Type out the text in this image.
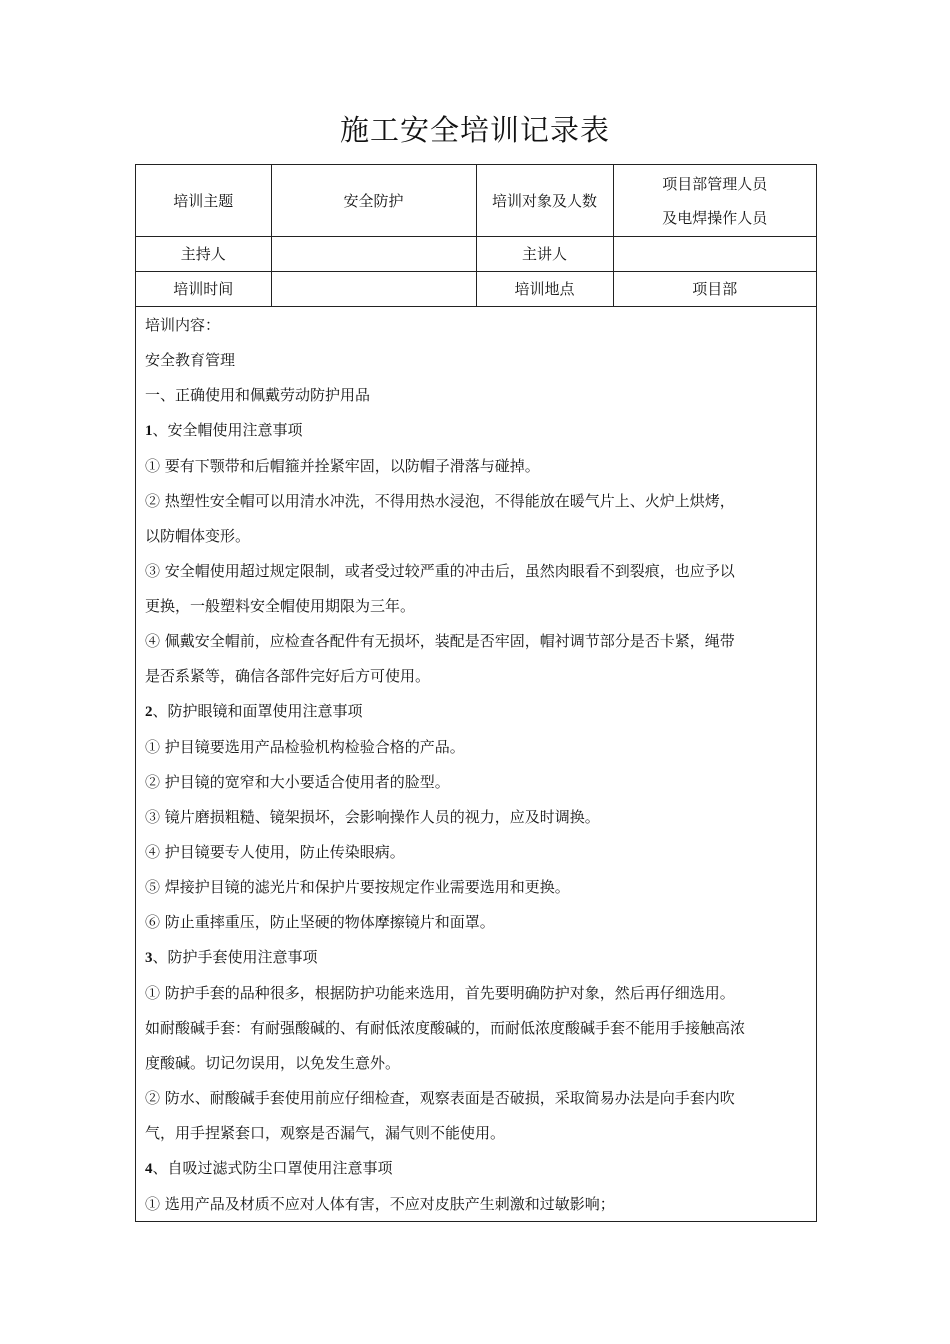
施工安全培训记录表
培训主题	安全防护	培训对象及人数	项目部管理人员
及电焊操作人员

主持人		主讲人	
培训时间		培训地点	项目部

培训内容：

安全教育管理

一、正确使用和佩戴劳动防护用品

1、安全帽使用注意事项

① 要有下颚带和后帽箍并拴紧牢固，以防帽子滑落与碰掉。

② 热塑性安全帽可以用清水冲洗，不得用热水浸泡，不得能放在暖气片上、火炉上烘烤，

以防帽体变形。

③ 安全帽使用超过规定限制，或者受过较严重的冲击后，虽然肉眼看不到裂痕，也应予以

更换，一般塑料安全帽使用期限为三年。

④ 佩戴安全帽前，应检查各配件有无损坏，装配是否牢固，帽衬调节部分是否卡紧，绳带

是否系紧等，确信各部件完好后方可使用。

2、防护眼镜和面罩使用注意事项

① 护目镜要选用产品检验机构检验合格的产品。

② 护目镜的宽窄和大小要适合使用者的脸型。

③ 镜片磨损粗糙、镜架损坏，会影响操作人员的视力，应及时调换。

④ 护目镜要专人使用，防止传染眼病。

⑤ 焊接护目镜的滤光片和保护片要按规定作业需要选用和更换。

⑥ 防止重摔重压，防止坚硬的物体摩擦镜片和面罩。

3、防护手套使用注意事项

① 防护手套的品种很多，根据防护功能来选用，首先要明确防护对象，然后再仔细选用。

如耐酸碱手套：有耐强酸碱的、有耐低浓度酸碱的，而耐低浓度酸碱手套不能用手接触高浓

度酸碱。切记勿误用，以免发生意外。

② 防水、耐酸碱手套使用前应仔细检查，观察表面是否破损，采取简易办法是向手套内吹

气，用手捏紧套口，观察是否漏气，漏气则不能使用。

4、自吸过滤式防尘口罩使用注意事项

① 选用产品及材质不应对人体有害，不应对皮肤产生刺激和过敏影响；
